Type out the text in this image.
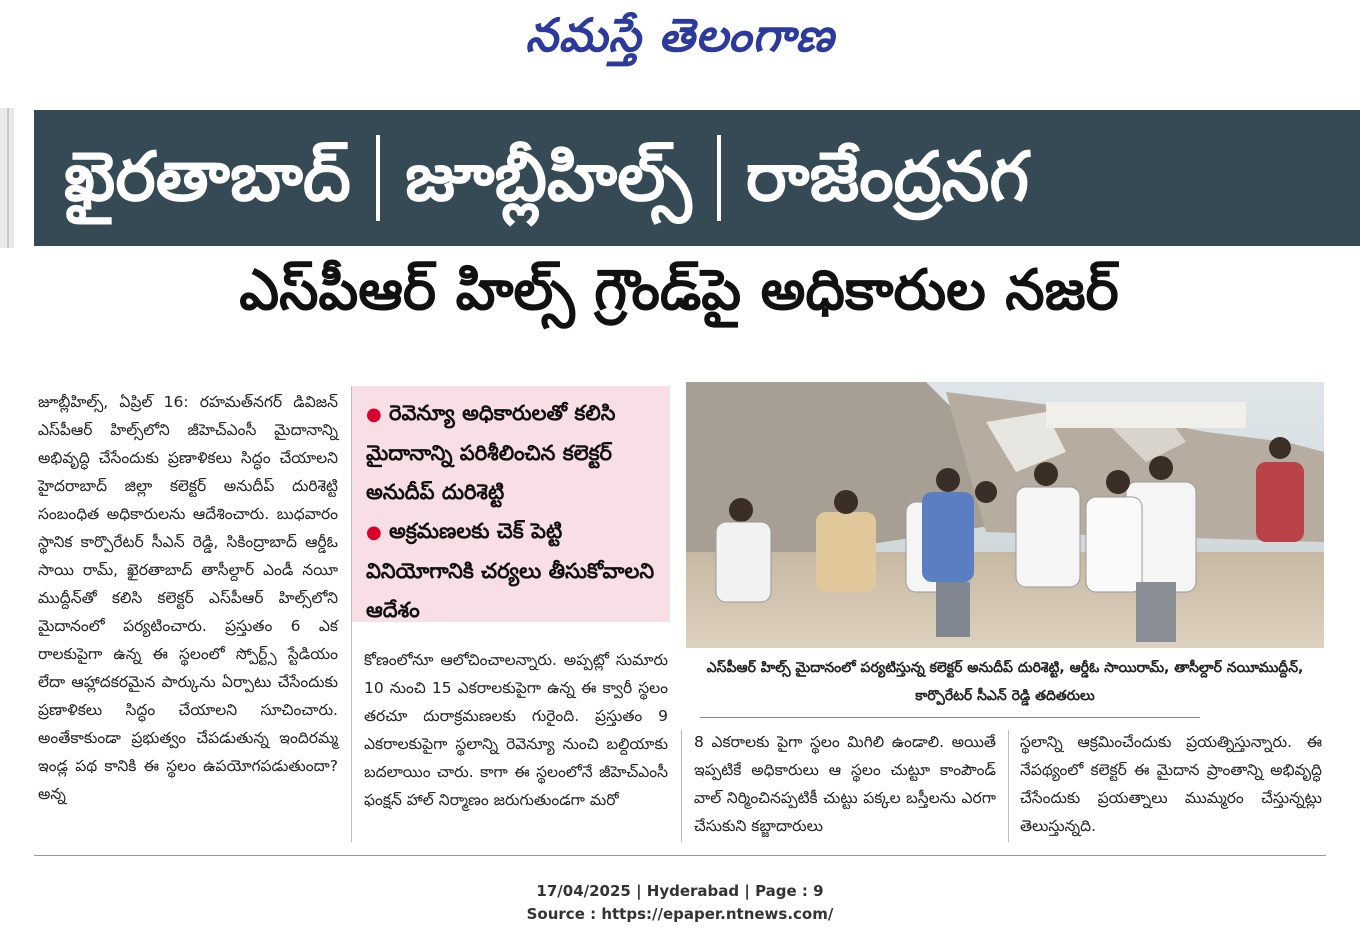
నమస్తే తెలంగాణ
ఖైరతాబాద్ జూబ్లీహిల్స్ రాజేంద్రనగ
ఎస్‌పీఆర్ హిల్స్ గ్రౌండ్‌పై అధికారుల నజర్
జూబ్లీహిల్స్, ఏప్రిల్ 16: రహమత్‌నగర్ డివిజన్ ఎస్‌పీఆర్ హిల్స్‌లోని జీహెచ్‌ఎంసీ మైదానాన్ని అభివృద్ధి చేసేందుకు ప్రణాళికలు సిద్ధం చేయాలని హైదరాబాద్ జిల్లా కలెక్టర్ అనుదీప్ దురిశెట్టి సంబంధిత అధికారులను ఆదేశించారు. బుధవారం స్థానిక కార్పొరేటర్ సీఎన్ రెడ్డి, సికింద్రాబాద్ ఆర్డీఓ సాయి రామ్, ఖైరతాబాద్ తాసీల్దార్ ఎండీ నయీ ముద్దీన్‌తో కలిసి కలెక్టర్ ఎస్‌పీఆర్ హిల్స్‌లోని మైదానంలో పర్యటించారు. ప్రస్తుతం 6 ఎక రాలకుపైగా ఉన్న ఈ స్థలంలో స్పోర్ట్స్ స్టేడియం లేదా ఆహ్లాదకరమైన పార్కును ఏర్పాటు చేసేందుకు ప్రణాళికలు సిద్ధం చేయాలని సూచించారు. అంతేకాకుండా ప్రభుత్వం చేపడుతున్న ఇందిరమ్మ ఇండ్ల పథ కానికి ఈ స్థలం ఉపయోగపడుతుందా? అన్న
● రెవెన్యూ అధికారులతో కలిసి మైదానాన్ని పరిశీలించిన కలెక్టర్ అనుదీప్ దురిశెట్టి
● అక్రమణలకు చెక్ పెట్టి వినియోగానికి చర్యలు తీసుకోవాలని ఆదేశం
కోణంలోనూ ఆలోచించాలన్నారు. అప్పట్లో సుమారు 10 నుంచి 15 ఎకరాలకుపైగా ఉన్న ఈ క్వారీ స్థలం తరచూ దురాక్రమణలకు గురైంది. ప్రస్తుతం 9 ఎకరాలకుపైగా స్థలాన్ని రెవెన్యూ నుంచి బల్దియాకు బదలాయిం చారు. కాగా ఈ స్థలంలోనే జీహెచ్‌ఎంసీ ఫంక్షన్ హాల్ నిర్మాణం జరుగుతుండగా మరో
ఎస్‌పీఆర్ హిల్స్ మైదానంలో పర్యటిస్తున్న కలెక్టర్ అనుదీప్ దురిశెట్టి, ఆర్డీఓ సాయిరామ్, తాసీల్దార్ నయీముద్దీన్, కార్పొరేటర్ సీఎన్ రెడ్డి తదితరులు
8 ఎకరాలకు పైగా స్థలం మిగిలి ఉండాలి. అయితే ఇప్పటికే అధికారులు ఆ స్థలం చుట్టూ కాంపౌండ్ వాల్ నిర్మించినప్పటికీ చుట్టు పక్కల బస్తీలను ఎరగా చేసుకుని కబ్జాదారులు
స్థలాన్ని ఆక్రమించేందుకు ప్రయత్నిస్తున్నారు. ఈ నేపథ్యంలో కలెక్టర్ ఈ మైదాన ప్రాంతాన్ని అభివృద్ధి చేసేందుకు ప్రయత్నాలు ముమ్మరం చేస్తున్నట్లు తెలుస్తున్నది.
17/04/2025 | Hyderabad | Page : 9
Source : https://epaper.ntnews.com/
